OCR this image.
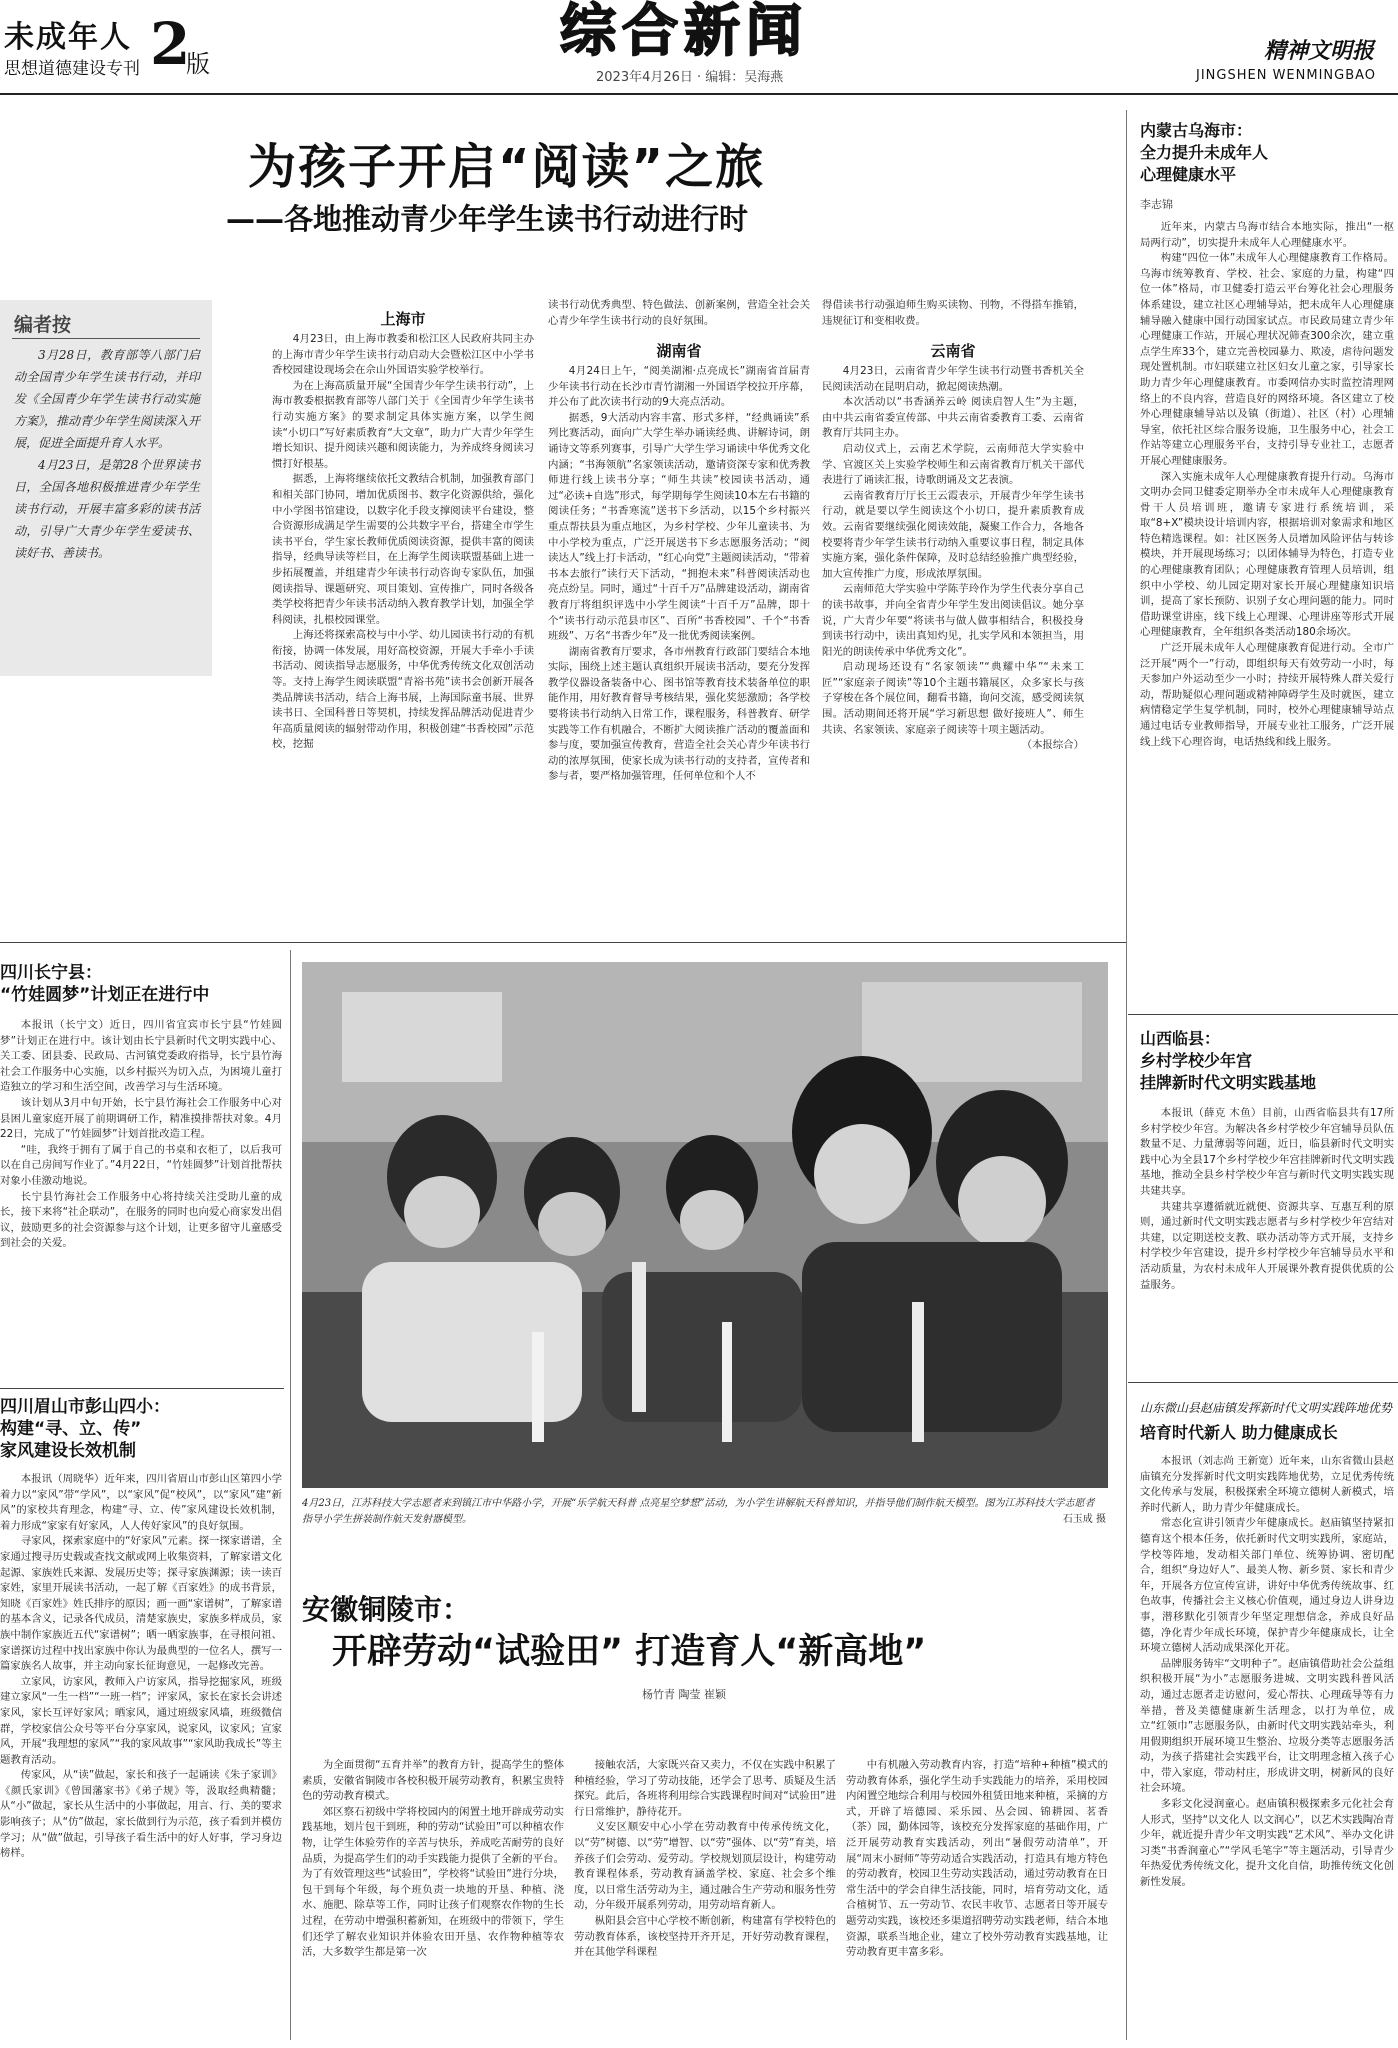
未成年人
思想道德建设专刊 2
版	综合新闻
2023年4月26日 · 编辑：吴海燕
精神文明报
JINGSHEN WENMINGBAO
为孩子开启“阅读”之旅
——各地推动青少年学生读书行动进行时
编者按

3月28日，教育部等八部门启动全国青少年学生读书行动，并印发《全国青少年学生读书行动实施方案》，推动青少年学生阅读深入开展，促进全面提升育人水平。

4月23日，是第28个世界读书日，全国各地积极推进青少年学生读书行动，开展丰富多彩的读书活动，引导广大青少年学生爱读书、读好书、善读书。

上海市

4月23日，由上海市教委和松江区人民政府共同主办的上海市青少年学生读书行动启动大会暨松江区中小学书香校园建设现场会在佘山外国语实验学校举行。

为在上海高质量开展“全国青少年学生读书行动”，上海市教委根据教育部等八部门关于《全国青少年学生读书行动实施方案》的要求制定具体实施方案，以学生阅读“小切口”写好素质教育“大文章”，助力广大青少年学生增长知识、提升阅读兴趣和阅读能力，为养成终身阅读习惯打好根基。

据悉，上海将继续依托文教结合机制，加强教育部门和相关部门协同，增加优质图书、数字化资源供给，强化中小学图书馆建设，以数字化手段支撑阅读平台建设，整合资源形成满足学生需要的公共数字平台，搭建全市学生读书平台，学生家长教师优质阅读资源，提供丰富的阅读指导，经典导读等栏目，在上海学生阅读联盟基础上进一步拓展覆盖，并组建青少年读书行动咨询专家队伍，加强阅读指导、课题研究、项目策划、宣传推广，同时各级各类学校将把青少年读书活动纳入教育教学计划，加强全学科阅读，扎根校园课堂。

上海还将探索高校与中小学、幼儿园读书行动的有机衔接，协调一体发展，用好高校资源，开展大手牵小手读书活动、阅读指导志愿服务，中华优秀传统文化双创活动等。支持上海学生阅读联盟“青裕书苑”读书会创新开展各类品牌读书活动，结合上海书展，上海国际童书展、世界读书日、全国科普日等契机，持续发挥品牌活动促进青少年高质量阅读的辐射带动作用，积极创建“书香校园”示范校，挖掘

读书行动优秀典型、特色做法、创新案例，营造全社会关心青少年学生读书行动的良好氛围。
湖南省

4月24日上午，“阅美湖湘·点亮成长”湖南省首届青少年读书行动在长沙市青竹湖湘一外国语学校拉开序幕，并公布了此次读书行动的9大亮点活动。

据悉，9大活动内容丰富、形式多样，“经典诵读”系列比赛活动，面向广大学生举办诵读经典、讲解诗词，朗诵诗文等系列赛事，引导广大学生学习诵读中华优秀文化内涵；“书海领航”名家领读活动，邀请资深专家和优秀教师进行线上读书分享；“师生共读”校园读书活动，通过“必读+自选”形式，每学期每学生阅读10本左右书籍的阅读任务；“书香寒流”送书下乡活动，以15个乡村振兴重点帮扶县为重点地区，为乡村学校、少年儿童读书、为中小学校为重点，广泛开展送书下乡志愿服务活动；“阅读达人”线上打卡活动，“红心向党”主题阅读活动，“带着书本去旅行”读行天下活动，“拥抱未来”科普阅读活动也亮点纷呈。同时，通过“十百千万”品牌建设活动，湖南省教育厅将组织评选中小学生阅读“十百千万”品牌，即十个“读书行动示范县市区”、百所“书香校园”、千个“书香班级”、万名“书香少年”及一批优秀阅读案例。

湖南省教育厅要求，各市州教育行政部门要结合本地实际，围绕上述主题认真组织开展读书活动，要充分发挥教学仪器设备装备中心、图书馆等教育技术装备单位的职能作用，用好教育督导考核结果，强化奖惩激励；各学校要将读书行动纳入日常工作，课程服务，科普教育、研学实践等工作有机融合，不断扩大阅读推广活动的覆盖面和参与度，要加强宣传教育，营造全社会关心青少年读书行动的浓厚氛围，使家长成为读书行动的支持者，宣传者和参与者，要严格加强管理，任何单位和个人不

得借读书行动强迫师生购买读物、刊物，不得搭车推销，违规征订和变相收费。
云南省

4月23日，云南省青少年学生读书行动暨书香机关全民阅读活动在昆明启动，掀起阅读热潮。

本次活动以“书香涵养云岭 阅读启智人生”为主题，由中共云南省委宣传部、中共云南省委教育工委、云南省教育厅共同主办。

启动仪式上，云南艺术学院，云南师范大学实验中学、官渡区关上实验学校师生和云南省教育厅机关干部代表进行了诵读汇报，诗歌朗诵及文艺表演。

云南省教育厅厅长王云霞表示，开展青少年学生读书行动，就是要以学生阅读这个小切口，提升素质教育成效。云南省要继续强化阅读效能，凝聚工作合力，各地各校要将青少年学生读书行动纳入重要议事日程，制定具体实施方案，强化条件保障，及时总结经验推广典型经验，加大宣传推广力度，形成浓厚氛围。

云南师范大学实验中学陈芋玲作为学生代表分享自己的读书故事，并向全省青少年学生发出阅读倡议。她分享说，广大青少年要“将读书与做人做事相结合，积极投身到读书行动中，读出真知灼见，扎实学风和本领担当，用阳光的朗读传承中华优秀文化”。

启动现场还设有“名家领读”“典耀中华”“未来工匠”“家庭亲子阅读”等10个主题书籍展区，众多家长与孩子穿梭在各个展位间，翻看书籍，询问交流，感受阅读氛围。活动期间还将开展“学习新思想 做好接班人”、师生共读、名家领读、家庭亲子阅读等十项主题活动。

（本报综合）

内蒙古乌海市：
全力提升未成年人
心理健康水平
李志锦

近年来，内蒙古乌海市结合本地实际，推出“一枢局两行动”，切实提升未成年人心理健康水平。

构建“四位一体”未成年人心理健康教育工作格局。乌海市统筹教育、学校、社会、家庭的力量，构建“四位一体”格局，市卫健委打造云平台筹化社会心理服务体系建设，建立社区心理辅导站，把未成年人心理健康辅导融入健康中国行动国家试点。市民政局建立青少年心理健康工作站，开展心理状况筛查300余次，建立重点学生库33个，建立完善校园暴力、欺凌，虐待问题发现处置机制。市妇联建立社区妇女儿童之家，引导家长助力青少年心理健康教育。市委网信办实时监控清理网络上的不良内容，营造良好的网络环境。各区建立了校外心理健康辅导站以及镇（街道）、社区（村）心理辅导室，依托社区综合服务设施，卫生服务中心，社会工作站等建立心理服务平台，支持引导专业社工，志愿者开展心理健康服务。

深入实施未成年人心理健康教育提升行动。乌海市文明办会同卫健委定期举办全市未成年人心理健康教育骨干人员培训班，邀请专家进行系统培训，采取“8+X”模块设计培训内容，根据培训对象需求和地区特色精选课程。如：社区医务人员增加风险评估与转诊模块，并开展现场练习；以团体辅导为特色，打造专业的心理健康教育团队；心理健康教育管理人员培训，组织中小学校、幼儿园定期对家长开展心理健康知识培训，提高了家长预防、识别子女心理问题的能力。同时借助课堂讲座，线下线上心理课、心理讲座等形式开展心理健康教育，全年组织各类活动180余场次。

广泛开展未成年人心理健康教育促进行动。全市广泛开展“两个一”行动，即组织每天有效劳动一小时，每天参加户外运动至少一小时；持续开展特殊人群关爱行动，帮助疑似心理问题或精神障碍学生及时就医，建立病情稳定学生复学机制，同时，校外心理健康辅导站点通过电话专业教师指导，开展专业社工服务，广泛开展线上线下心理咨询，电话热线和线上服务。

四川长宁县：
“竹娃圆梦”计划正在进行中

本报讯（长宁文）近日，四川省宜宾市长宁县“竹娃圆梦”计划正在进行中。该计划由长宁县新时代文明实践中心、关工委、团县委、民政局、古河镇党委政府指导，长宁县竹海社会工作服务中心实施，以乡村振兴为切入点，为困境儿童打造独立的学习和生活空间，改善学习与生活环境。

该计划从3月中旬开始，长宁县竹海社会工作服务中心对县困儿童家庭开展了前期调研工作，精准摸排帮扶对象。4月22日，完成了“竹娃圆梦”计划首批改造工程。

“哇，我终于拥有了属于自己的书桌和衣柜了，以后我可以在自己房间写作业了。”4月22日，“竹娃圆梦”计划首批帮扶对象小佳激动地说。

长宁县竹海社会工作服务中心将持续关注受助儿童的成长，接下来将“社企联动”，在服务的同时也向爱心商家发出倡议，鼓励更多的社会资源参与这个计划，让更多留守儿童感受到社会的关爱。

四川眉山市彭山四小：
构建“寻、立、传”
家风建设长效机制

本报讯（周晓华）近年来，四川省眉山市彭山区第四小学着力以“家风”带“学风”，以“家风”促“校风”，以“家风”建“新风”的家校共育理念，构建“寻、立、传”家风建设长效机制，着力形成“家家有好家风，人人传好家风”的良好氛围。

寻家风，探索家庭中的“好家风”元素。探一探家谱谱，全家通过搜寻历史载或查找文献或网上收集资料，了解家谱文化起源、家族姓氏来源、发展历史等；探寻家族渊源；读一读百家姓，家里开展读书活动，一起了解《百家姓》的成书背景，知晓《百家姓》姓氏排序的原因；画一画“家谱树”，了解家谱的基本含义，记录各代成员，清楚家族史，家族多样成员，家族中制作家族近五代“家谱树”；晒一晒家族事，在寻根问祖、家谱探访过程中找出家族中你认为最典型的一位名人，撰写一篇家族名人故事，并主动向家长征询意见，一起修改完善。

立家风，访家风，教师入户访家风，指导挖掘家风，班级建立家风“一生一档”“一班一档”；评家风，家长在家长会讲述家风，家长互评好家风；晒家风，通过班级家风墙，班级微信群，学校家信公众号等平台分享家风，说家风，议家风；宣家风，开展“我理想的家风”“我的家风故事”“家风助我成长”等主题教育活动。

传家风，从“读”做起，家长和孩子一起诵读《朱子家训》《颜氏家训》《曾国藩家书》《弟子规》等，汲取经典精髓；从“小”做起，家长从生活中的小事做起，用言、行、美的要求影响孩子；从“仿”做起，家长做到行为示范，孩子看到并模仿学习；从“做”做起，引导孩子看生活中的好人好事，学习身边榜样。

4月23日，江苏科技大学志愿者来到镇江市中华路小学，开展“乐学航天科普 点亮星空梦想”活动，为小学生讲解航天科普知识，并指导他们制作航天模型。图为江苏科技大学志愿者指导小学生拼装制作航天发射器模型。	石玉成 摄
安徽铜陵市：
开辟劳动“试验田” 打造育人“新高地”
杨竹青 陶莹 崔颖

为全面贯彻“五育并举”的教育方针，提高学生的整体素质，安徽省铜陵市各校积极开展劳动教育，积累宝贵特色的劳动教育模式。

郊区察石初级中学将校园内的闲置土地开辟成劳动实践基地，划片包干到班，种的劳动“试验田”可以种植农作物，让学生体验劳作的辛苦与快乐，养成吃苦耐劳的良好品质，为提高学生们的动手实践能力提供了全新的平台。为了有效管理这些“试验田”，学校将“试验田”进行分块，包干到每个年级，每个班负责一块地的开垦、种植、浇水、施肥、除草等工作，同时让孩子们观察农作物的生长过程，在劳动中增强积蓄新知，在班级中的带领下，学生们还学了解农业知识并体验农田开垦、农作物种植等农活，大多数学生都是第一次

接触农活，大家既兴奋又卖力，不仅在实践中积累了种植经验，学习了劳动技能，还学会了思考、质疑及生活探究。此后，各班将利用综合实践课程时间对“试验田”进行日常维护，静待花开。

义安区顺安中心小学在劳动教育中传承传统文化，以“劳”树德、以“劳”增智、以“劳”强体、以“劳”育美，培养孩子们会劳动、爱劳动。学校规划顶层设计，构建劳动教育课程体系，劳动教育涵盖学校、家庭、社会多个维度，以日常生活劳动为主，通过融合生产劳动和服务性劳动，分年级开展系列劳动，用劳动培育新人。

枞阳县会宫中心学校不断创新，构建富有学校特色的劳动教育体系，该校坚持开齐开足，开好劳动教育课程，并在其他学科课程

中有机融入劳动教育内容，打造“培种+种植”模式的劳动教育体系，强化学生动手实践能力的培养，采用校园内闲置空地综合利用与校园外租赁田地来种植，采摘的方式，开辟了培德园、采乐园、丛会园、锦耕园、茗香（茶）园，勤体园等，该校充分发挥家庭的基础作用，广泛开展劳动教育实践活动，列出“暑假劳动清单”，开展“周末小厨师”等劳动适合实践活动，打造具有地方特色的劳动教育，校园卫生劳动实践活动，通过劳动教育在日常生活中的学会自律生活技能，同时，培育劳动文化，适合植树节、五一劳动节、农民丰收节、志愿者日等开展专题劳动实践，该校还多渠道招聘劳动实践老师，结合本地资源，联系当地企业，建立了校外劳动教育实践基地，让劳动教育更丰富多彩。

山西临县：
乡村学校少年宫
挂牌新时代文明实践基地

本报讯（薛克 木鱼）目前，山西省临县共有17所乡村学校少年宫。为解决各乡村学校少年宫辅导员队伍数量不足、力量薄弱等问题，近日，临县新时代文明实践中心为全县17个乡村学校少年宫挂牌新时代文明实践基地，推动全县乡村学校少年宫与新时代文明实践实现共建共享。

共建共享遵循就近就便、资源共享、互惠互利的原则，通过新时代文明实践志愿者与乡村学校少年宫结对共建，以定期送校支教、联办活动等方式开展，支持乡村学校少年宫建设，提升乡村学校少年宫辅导员水平和活动质量，为农村未成年人开展课外教育提供优质的公益服务。

山东微山县赵庙镇发挥新时代文明实践阵地优势
培育时代新人 助力健康成长

本报讯（刘志尚 王新宽）近年来，山东省微山县赵庙镇充分发挥新时代文明实践阵地优势，立足优秀传统文化传承与发展，积极探索全环境立德树人新模式，培养时代新人，助力青少年健康成长。

常态化宣讲引领青少年健康成长。赵庙镇坚持紧扣德育这个根本任务，依托新时代文明实践所，家庭站，学校等阵地，发动相关部门单位、统筹协调、密切配合，组织“身边好人”、最美人物、新乡贤、家长和青少年，开展各方位宣传宣讲，讲好中华优秀传统故事、红色故事，传播社会主义核心价值观，通过身边人讲身边事，潜移默化引领青少年坚定理想信念，养成良好品德，净化青少年成长环境，保护青少年健康成长，让全环境立德树人活动成果深化开花。

品牌服务铸牢“文明种子”。赵庙镇借助社会公益组织积极开展“为小”志愿服务进城、文明实践科普风活动，通过志愿者走访慰问，爱心帮扶、心理疏导等有力举措，普及美德健康新生活理念，以打为单位，成立“红领巾”志愿服务队，由新时代文明实践站牵头，利用假期组织开展环境卫生整治、垃圾分类等志愿服务活动，为孩子搭建社会实践平台，让文明理念植入孩子心中，带入家庭，带动村庄，形成讲文明，树新风的良好社会环境。

多彩文化浸润童心。赵庙镇积极探索多元化社会育人形式，坚持“以文化人 以文润心”，以艺术实践陶冶青少年，就近提升青少年文明实践“艺术风”、举办文化讲习类“书香润童心”“学风毛笔字”等主题活动，引导青少年热爱优秀传统文化，提升文化自信，助推传统文化创新性发展。
